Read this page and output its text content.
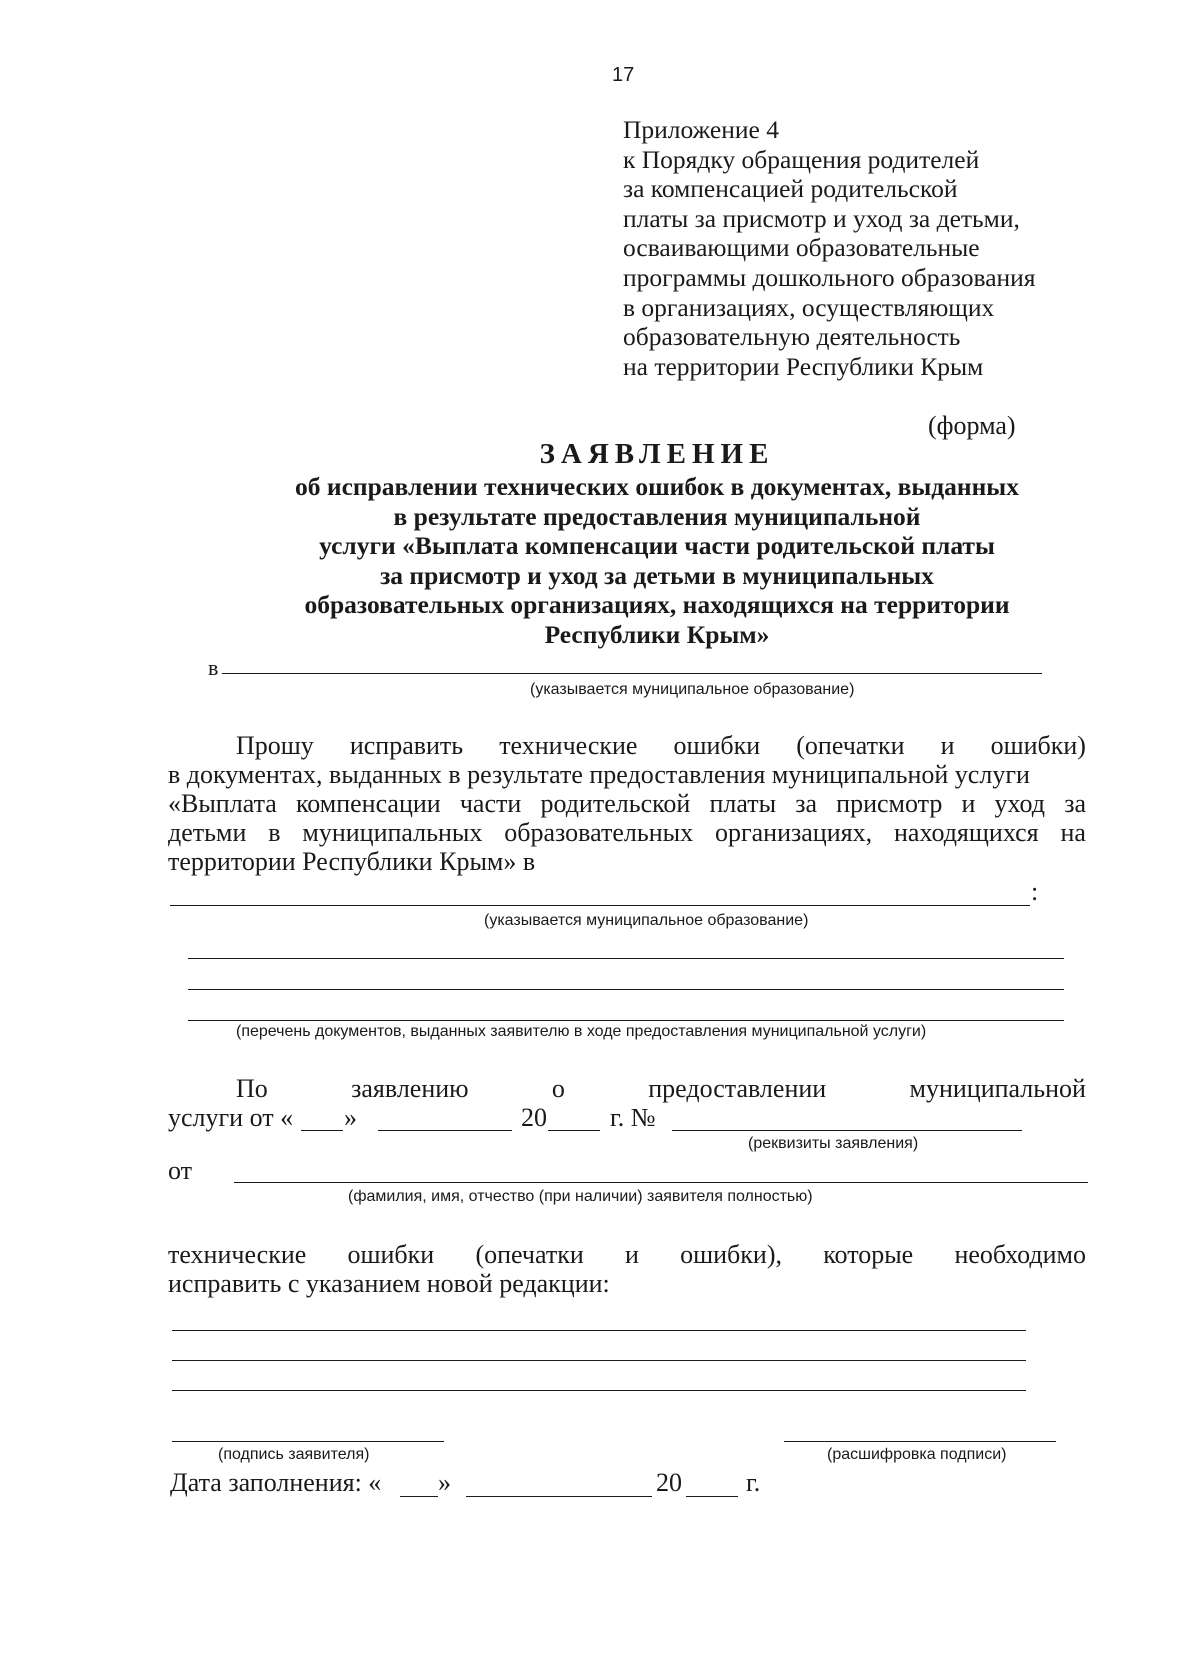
17
Приложение 4
к Порядку обращения родителей
за компенсацией родительской
платы за присмотр и уход за детьми,
осваивающими образовательные
программы дошкольного образования
в организациях, осуществляющих
образовательную деятельность
на территории Республики Крым
(форма)
ЗАЯВЛЕНИЕ
об исправлении технических ошибок в документах, выданных
в результате предоставления муниципальной
услуги «Выплата компенсации части родительской платы
за присмотр и уход за детьми в муниципальных
образовательных организациях, находящихся на территории
Республики Крым»
в
(указывается муниципальное образование)
Прошу исправить технические ошибки (опечатки и ошибки)
в документах, выданных в результате предоставления муниципальной услуги
«Выплата компенсации части родительской платы за присмотр и уход за
детьми в муниципальных образовательных организациях, находящихся на
территории Республики Крым» в
:
(указывается муниципальное образование)
(перечень документов, выданных заявителю в ходе предоставления муниципальной услуги)
По	заявлению	о	предоставлении	муниципальной
услуги от « »	20 г. №
(реквизиты заявления)
от
(фамилия, имя, отчество (при наличии) заявителя полностью)
технические ошибки (опечатки и ошибки), которые необходимо
исправить с указанием новой редакции:
(подпись заявителя)	(расшифровка подписи)
Дата заполнения: « »	20 г.
